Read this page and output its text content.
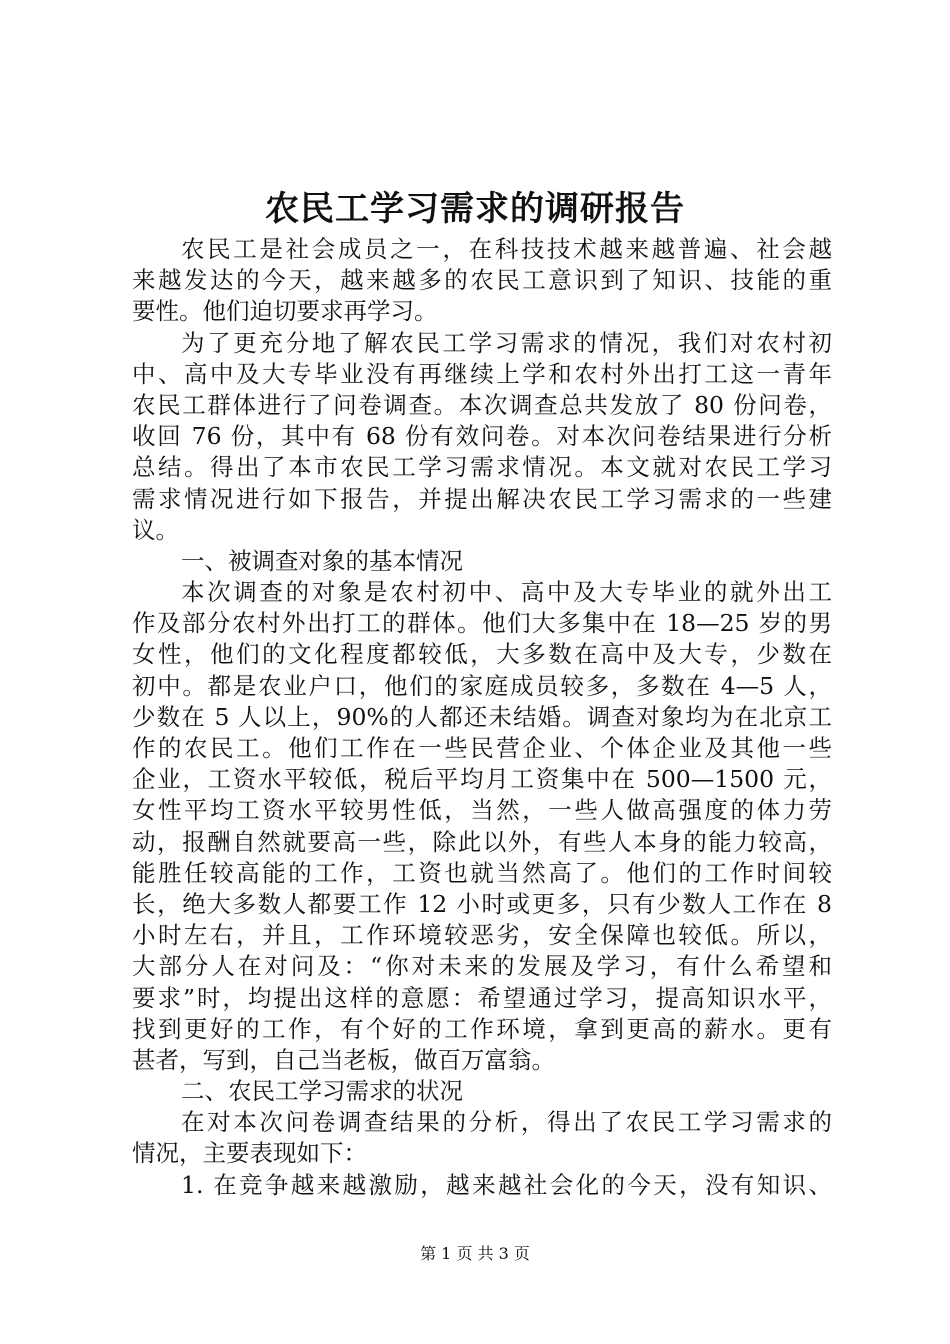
农民工学习需求的调研报告
农民工是社会成员之一，在科技技术越来越普遍、社会越
来越发达的今天，越来越多的农民工意识到了知识、技能的重
要性。他们迫切要求再学习。
为了更充分地了解农民工学习需求的情况，我们对农村初
中、高中及大专毕业没有再继续上学和农村外出打工这一青年
农民工群体进行了问卷调查。本次调查总共发放了 80 份问卷，
收回 76 份，其中有 68 份有效问卷。对本次问卷结果进行分析
总结。得出了本市农民工学习需求情况。本文就对农民工学习
需求情况进行如下报告，并提出解决农民工学习需求的一些建
议。
一、被调查对象的基本情况
本次调查的对象是农村初中、高中及大专毕业的就外出工
作及部分农村外出打工的群体。他们大多集中在 18—25 岁的男
女性，他们的文化程度都较低，大多数在高中及大专，少数在
初中。都是农业户口，他们的家庭成员较多，多数在 4—5 人，
少数在 5 人以上，90%的人都还未结婚。调查对象均为在北京工
作的农民工。他们工作在一些民营企业、个体企业及其他一些
企业，工资水平较低，税后平均月工资集中在 500—1500 元，
女性平均工资水平较男性低，当然，一些人做高强度的体力劳
动，报酬自然就要高一些，除此以外，有些人本身的能力较高，
能胜任较高能的工作，工资也就当然高了。他们的工作时间较
长，绝大多数人都要工作 12 小时或更多，只有少数人工作在 8
小时左右，并且，工作环境较恶劣，安全保障也较低。所以，
大部分人在对问及：“你对未来的发展及学习，有什么希望和
要求”时，均提出这样的意愿：希望通过学习，提高知识水平，
找到更好的工作，有个好的工作环境，拿到更高的薪水。更有
甚者，写到，自己当老板，做百万富翁。
二、农民工学习需求的状况
在对本次问卷调查结果的分析，得出了农民工学习需求的
情况，主要表现如下：
1. 在竞争越来越激励，越来越社会化的今天，没有知识、
第 1 页 共 3 页
